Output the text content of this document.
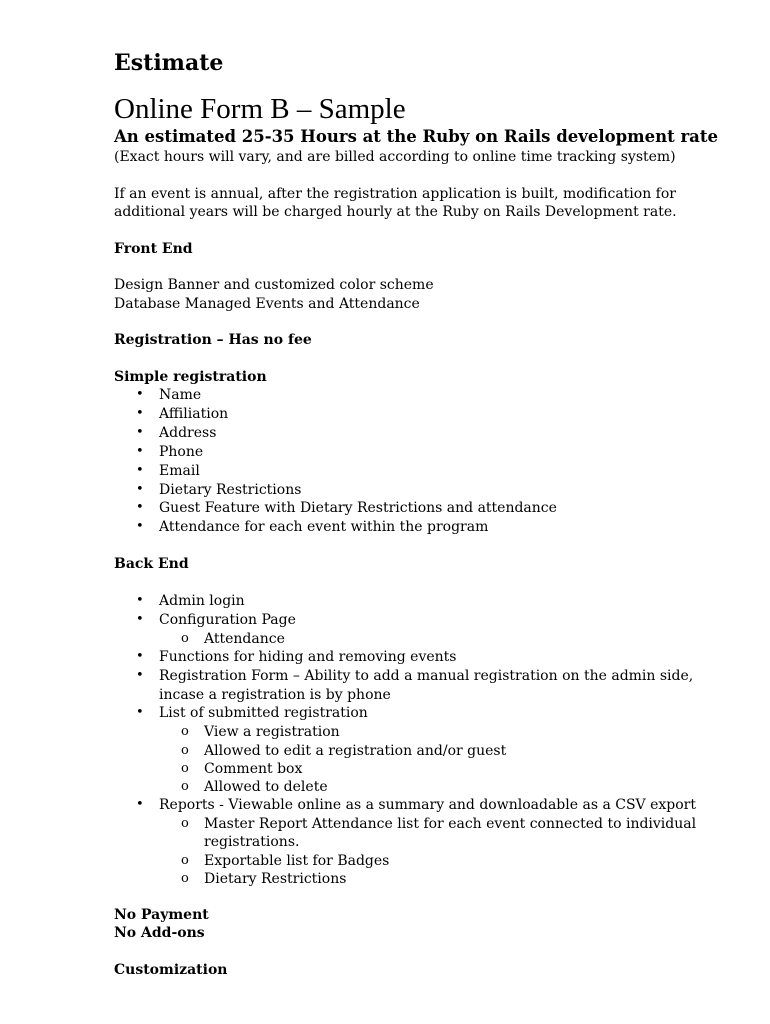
Estimate
Online Form B – Sample
An estimated 25-35 Hours at the Ruby on Rails development rate
(Exact hours will vary, and are billed according to online time tracking system)
If an event is annual, after the registration application is built, modification for
additional years will be charged hourly at the Ruby on Rails Development rate.
Front End
Design Banner and customized color scheme
Database Managed Events and Attendance
Registration – Has no fee
Simple registration
• Name
• Affiliation
• Address
• Phone
• Email
• Dietary Restrictions
• Guest Feature with Dietary Restrictions and attendance
• Attendance for each event within the program
Back End
• Admin login
• Configuration Page
o Attendance
• Functions for hiding and removing events
• Registration Form – Ability to add a manual registration on the admin side,
incase a registration is by phone
• List of submitted registration
o View a registration
o Allowed to edit a registration and/or guest
o Comment box
o Allowed to delete
• Reports - Viewable online as a summary and downloadable as a CSV export
o Master Report Attendance list for each event connected to individual
registrations.
o Exportable list for Badges
o Dietary Restrictions
No Payment
No Add-ons
Customization
